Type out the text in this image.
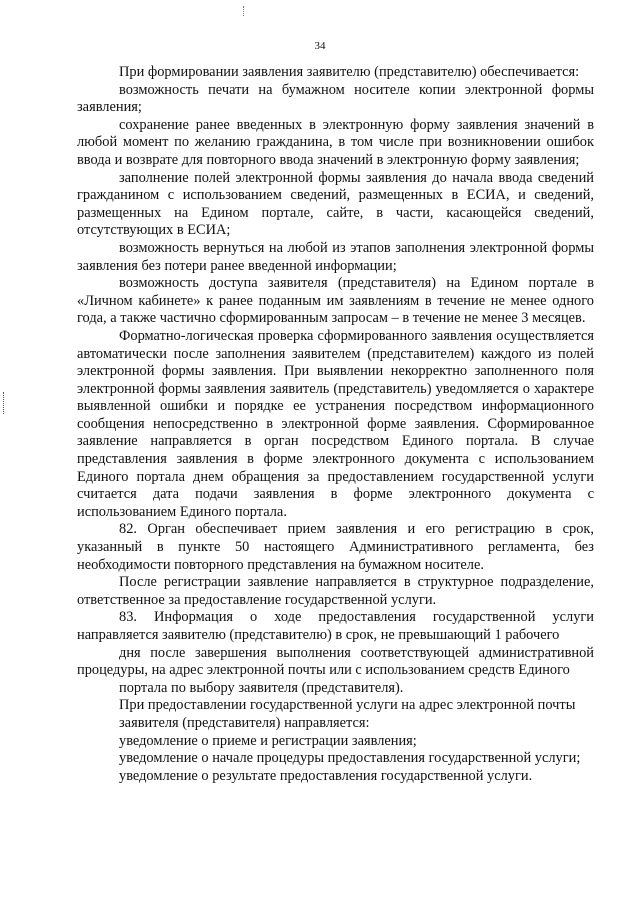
34

При формировании заявления заявителю (представителю) обеспечивается:

возможность печати на бумажном носителе копии электронной формы заявления;

сохранение ранее введенных в электронную форму заявления значений в любой момент по желанию гражданина, в том числе при возникновении ошибок ввода и возврате для повторного ввода значений в электронную форму заявления;

заполнение полей электронной формы заявления до начала ввода сведений гражданином с использованием сведений, размещенных в ЕСИА, и сведений, размещенных на Едином портале, сайте, в части, касающейся сведений, отсутствующих в ЕСИА;

возможность вернуться на любой из этапов заполнения электронной формы заявления без потери ранее введенной информации;

возможность доступа заявителя (представителя) на Едином портале в «Личном кабинете» к ранее поданным им заявлениям в течение не менее одного года, а также частично сформированным запросам – в течение не менее 3 месяцев.

Форматно-логическая проверка сформированного заявления осуществляется автоматически после заполнения заявителем (представителем) каждого из полей электронной формы заявления. При выявлении некорректно заполненного поля электронной формы заявления заявитель (представитель) уведомляется о характере выявленной ошибки и порядке ее устранения посредством информационного сообщения непосредственно в электронной форме заявления. Сформированное заявление направляется в орган посредством Единого портала. В случае представления заявления в форме электронного документа с использованием Единого портала днем обращения за предоставлением государственной услуги считается дата подачи заявления в форме электронного документа с использованием Единого портала.

82. Орган обеспечивает прием заявления и его регистрацию в срок, указанный в пункте 50 настоящего Административного регламента, без необходимости повторного представления на бумажном носителе.

После регистрации заявление направляется в структурное подразделение, ответственное за предоставление государственной услуги.

83. Информация о ходе предоставления государственной услуги направляется заявителю (представителю) в срок, не превышающий 1 рабочего

дня после завершения выполнения соответствующей административной процедуры, на адрес электронной почты или с использованием средств Единого

портала по выбору заявителя (представителя).

При предоставлении государственной услуги на адрес электронной почты

заявителя (представителя) направляется:

уведомление о приеме и регистрации заявления;

уведомление о начале процедуры предоставления государственной услуги;

уведомление о результате предоставления государственной услуги.
